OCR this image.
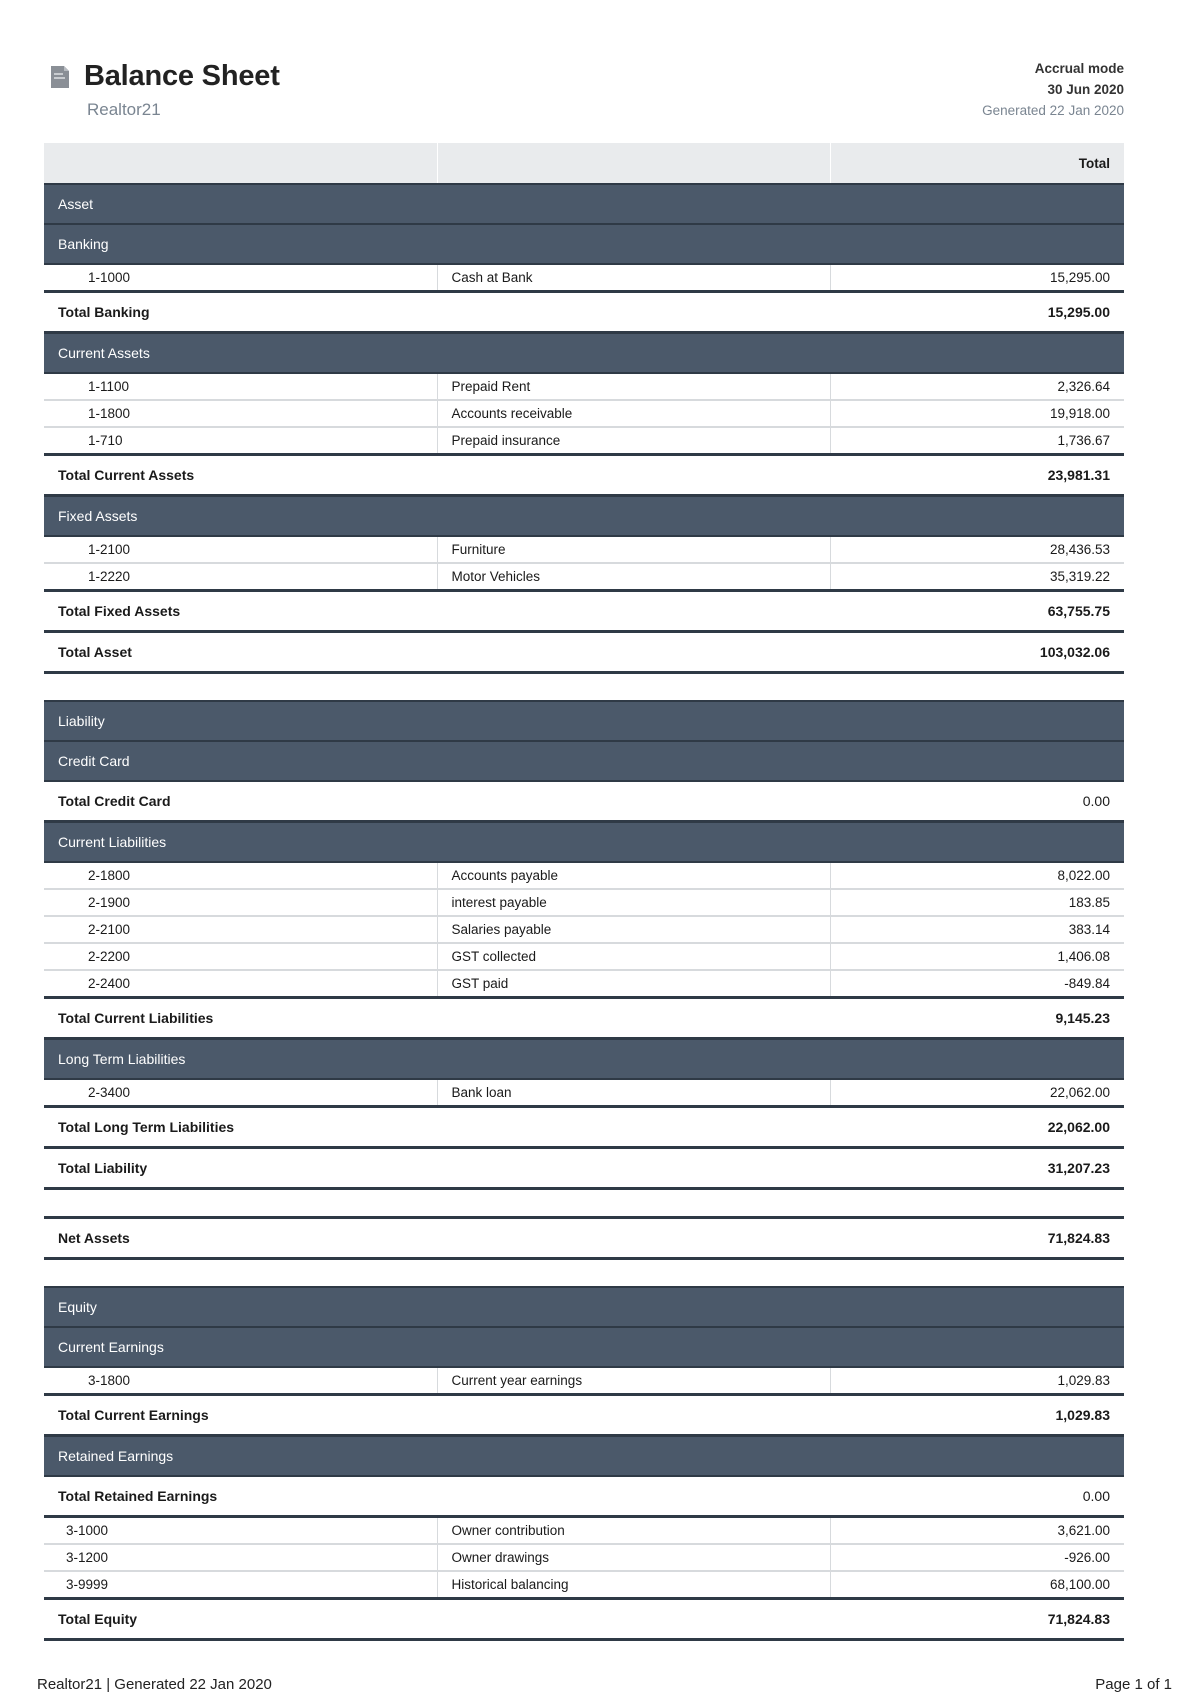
Balance Sheet
Realtor21
Accrual mode
30 Jun 2020
Generated 22 Jan 2020
		Total
Asset		
Banking		
1-1000	Cash at Bank	15,295.00
Total Banking		15,295.00
Current Assets		
1-1100	Prepaid Rent	2,326.64
1-1800	Accounts receivable	19,918.00
1-710	Prepaid insurance	1,736.67
Total Current Assets		23,981.31
Fixed Assets		
1-2100	Furniture	28,436.53
1-2220	Motor Vehicles	35,319.22
Total Fixed Assets		63,755.75
Total Asset		103,032.06

Liability		
Credit Card		
Total Credit Card		0.00
Current Liabilities		
2-1800	Accounts payable	8,022.00
2-1900	interest payable	183.85
2-2100	Salaries payable	383.14
2-2200	GST collected	1,406.08
2-2400	GST paid	-849.84
Total Current Liabilities		9,145.23
Long Term Liabilities		
2-3400	Bank loan	22,062.00
Total Long Term Liabilities		22,062.00
Total Liability		31,207.23

Net Assets		71,824.83

Equity		
Current Earnings		
3-1800	Current year earnings	1,029.83
Total Current Earnings		1,029.83
Retained Earnings		
Total Retained Earnings		0.00
3-1000	Owner contribution	3,621.00
3-1200	Owner drawings	-926.00
3-9999	Historical balancing	68,100.00
Total Equity		71,824.83
Realtor21 | Generated 22 Jan 2020	Page 1 of 1
